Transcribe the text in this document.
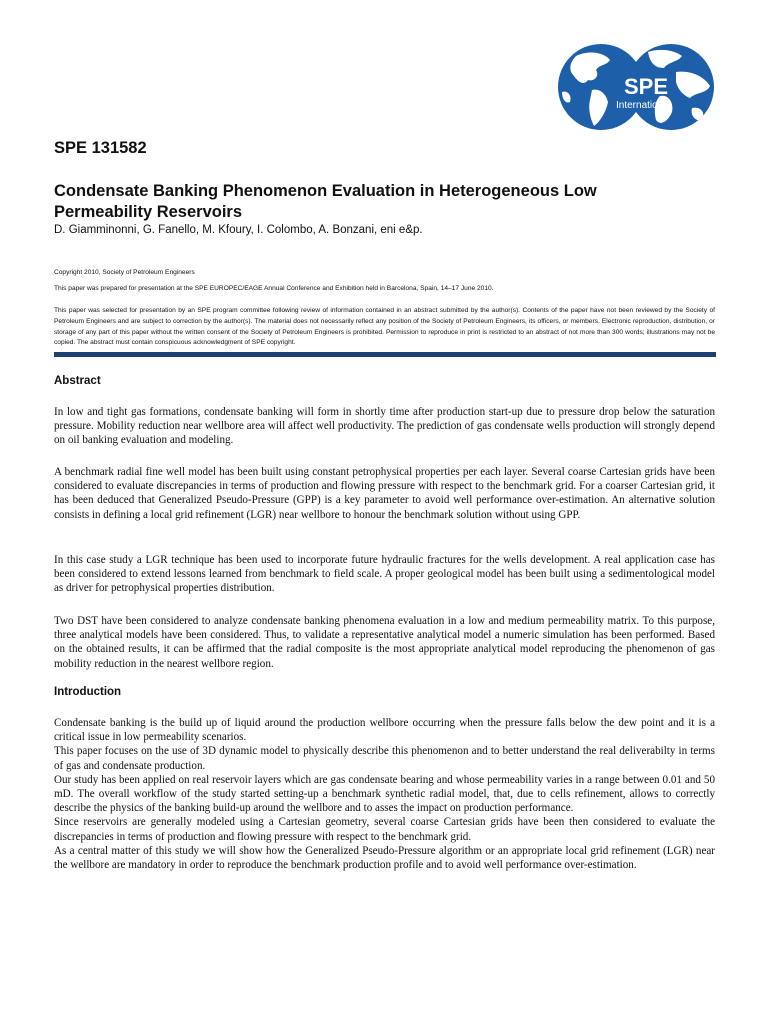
SPE
International
SPE 131582
Condensate Banking Phenomenon Evaluation in Heterogeneous Low Permeability Reservoirs
D. Giamminonni, G. Fanello, M. Kfoury, I. Colombo, A. Bonzani, eni e&p.

Copyright 2010, Society of Petroleum Engineers

This paper was prepared for presentation at the SPE EUROPEC/EAGE Annual Conference and Exhibition held in Barcelona, Spain, 14–17 June 2010.

This paper was selected for presentation by an SPE program committee following review of information contained in an abstract submitted by the author(s). Contents of the paper have not been reviewed by the Society of Petroleum Engineers and are subject to correction by the author(s). The material does not necessarily reflect any position of the Society of Petroleum Engineers, its officers, or members. Electronic reproduction, distribution, or storage of any part of this paper without the written consent of the Society of Petroleum Engineers is prohibited. Permission to reproduce in print is restricted to an abstract of not more than 300 words; illustrations may not be copied. The abstract must contain conspicuous acknowledgment of SPE copyright.

Abstract

In low and tight gas formations, condensate banking will form in shortly time after production start-up due to pressure drop below the saturation pressure. Mobility reduction near wellbore area will affect well productivity. The prediction of gas condensate wells production will strongly depend on oil banking evaluation and modeling.

A benchmark radial fine well model has been built using constant petrophysical properties per each layer. Several coarse Cartesian grids have been considered to evaluate discrepancies in terms of production and flowing pressure with respect to the benchmark grid. For a coarser Cartesian grid, it has been deduced that Generalized Pseudo-Pressure (GPP) is a key parameter to avoid well performance over-estimation. An alternative solution consists in defining a local grid refinement (LGR) near wellbore to honour the benchmark solution without using GPP.

In this case study a LGR technique has been used to incorporate future hydraulic fractures for the wells development. A real application case has been considered to extend lessons learned from benchmark to field scale. A proper geological model has been built using a sedimentological model as driver for petrophysical properties distribution.

Two DST have been considered to analyze condensate banking phenomena evaluation in a low and medium permeability matrix. To this purpose, three analytical models have been considered. Thus, to validate a representative analytical model a numeric simulation has been performed. Based on the obtained results, it can be affirmed that the radial composite is the most appropriate analytical model reproducing the phenomenon of gas mobility reduction in the nearest wellbore region.

Introduction

Condensate banking is the build up of liquid around the production wellbore occurring when the pressure falls below the dew point and it is a critical issue in low permeability scenarios.

This paper focuses on the use of 3D dynamic model to physically describe this phenomenon and to better understand the real deliverabilty in terms of gas and condensate production.

Our study has been applied on real reservoir layers which are gas condensate bearing and whose permeability varies in a range between 0.01 and 50 mD. The overall workflow of the study started setting-up a benchmark synthetic radial model, that, due to cells refinement, allows to correctly describe the physics of the banking build-up around the wellbore and to asses the impact on production performance.

Since reservoirs are generally modeled using a Cartesian geometry, several coarse Cartesian grids have been then considered to evaluate the discrepancies in terms of production and flowing pressure with respect to the benchmark grid.

As a central matter of this study we will show how the Generalized Pseudo-Pressure algorithm or an appropriate local grid refinement (LGR) near the wellbore are mandatory in order to reproduce the benchmark production profile and to avoid well performance over-estimation.
